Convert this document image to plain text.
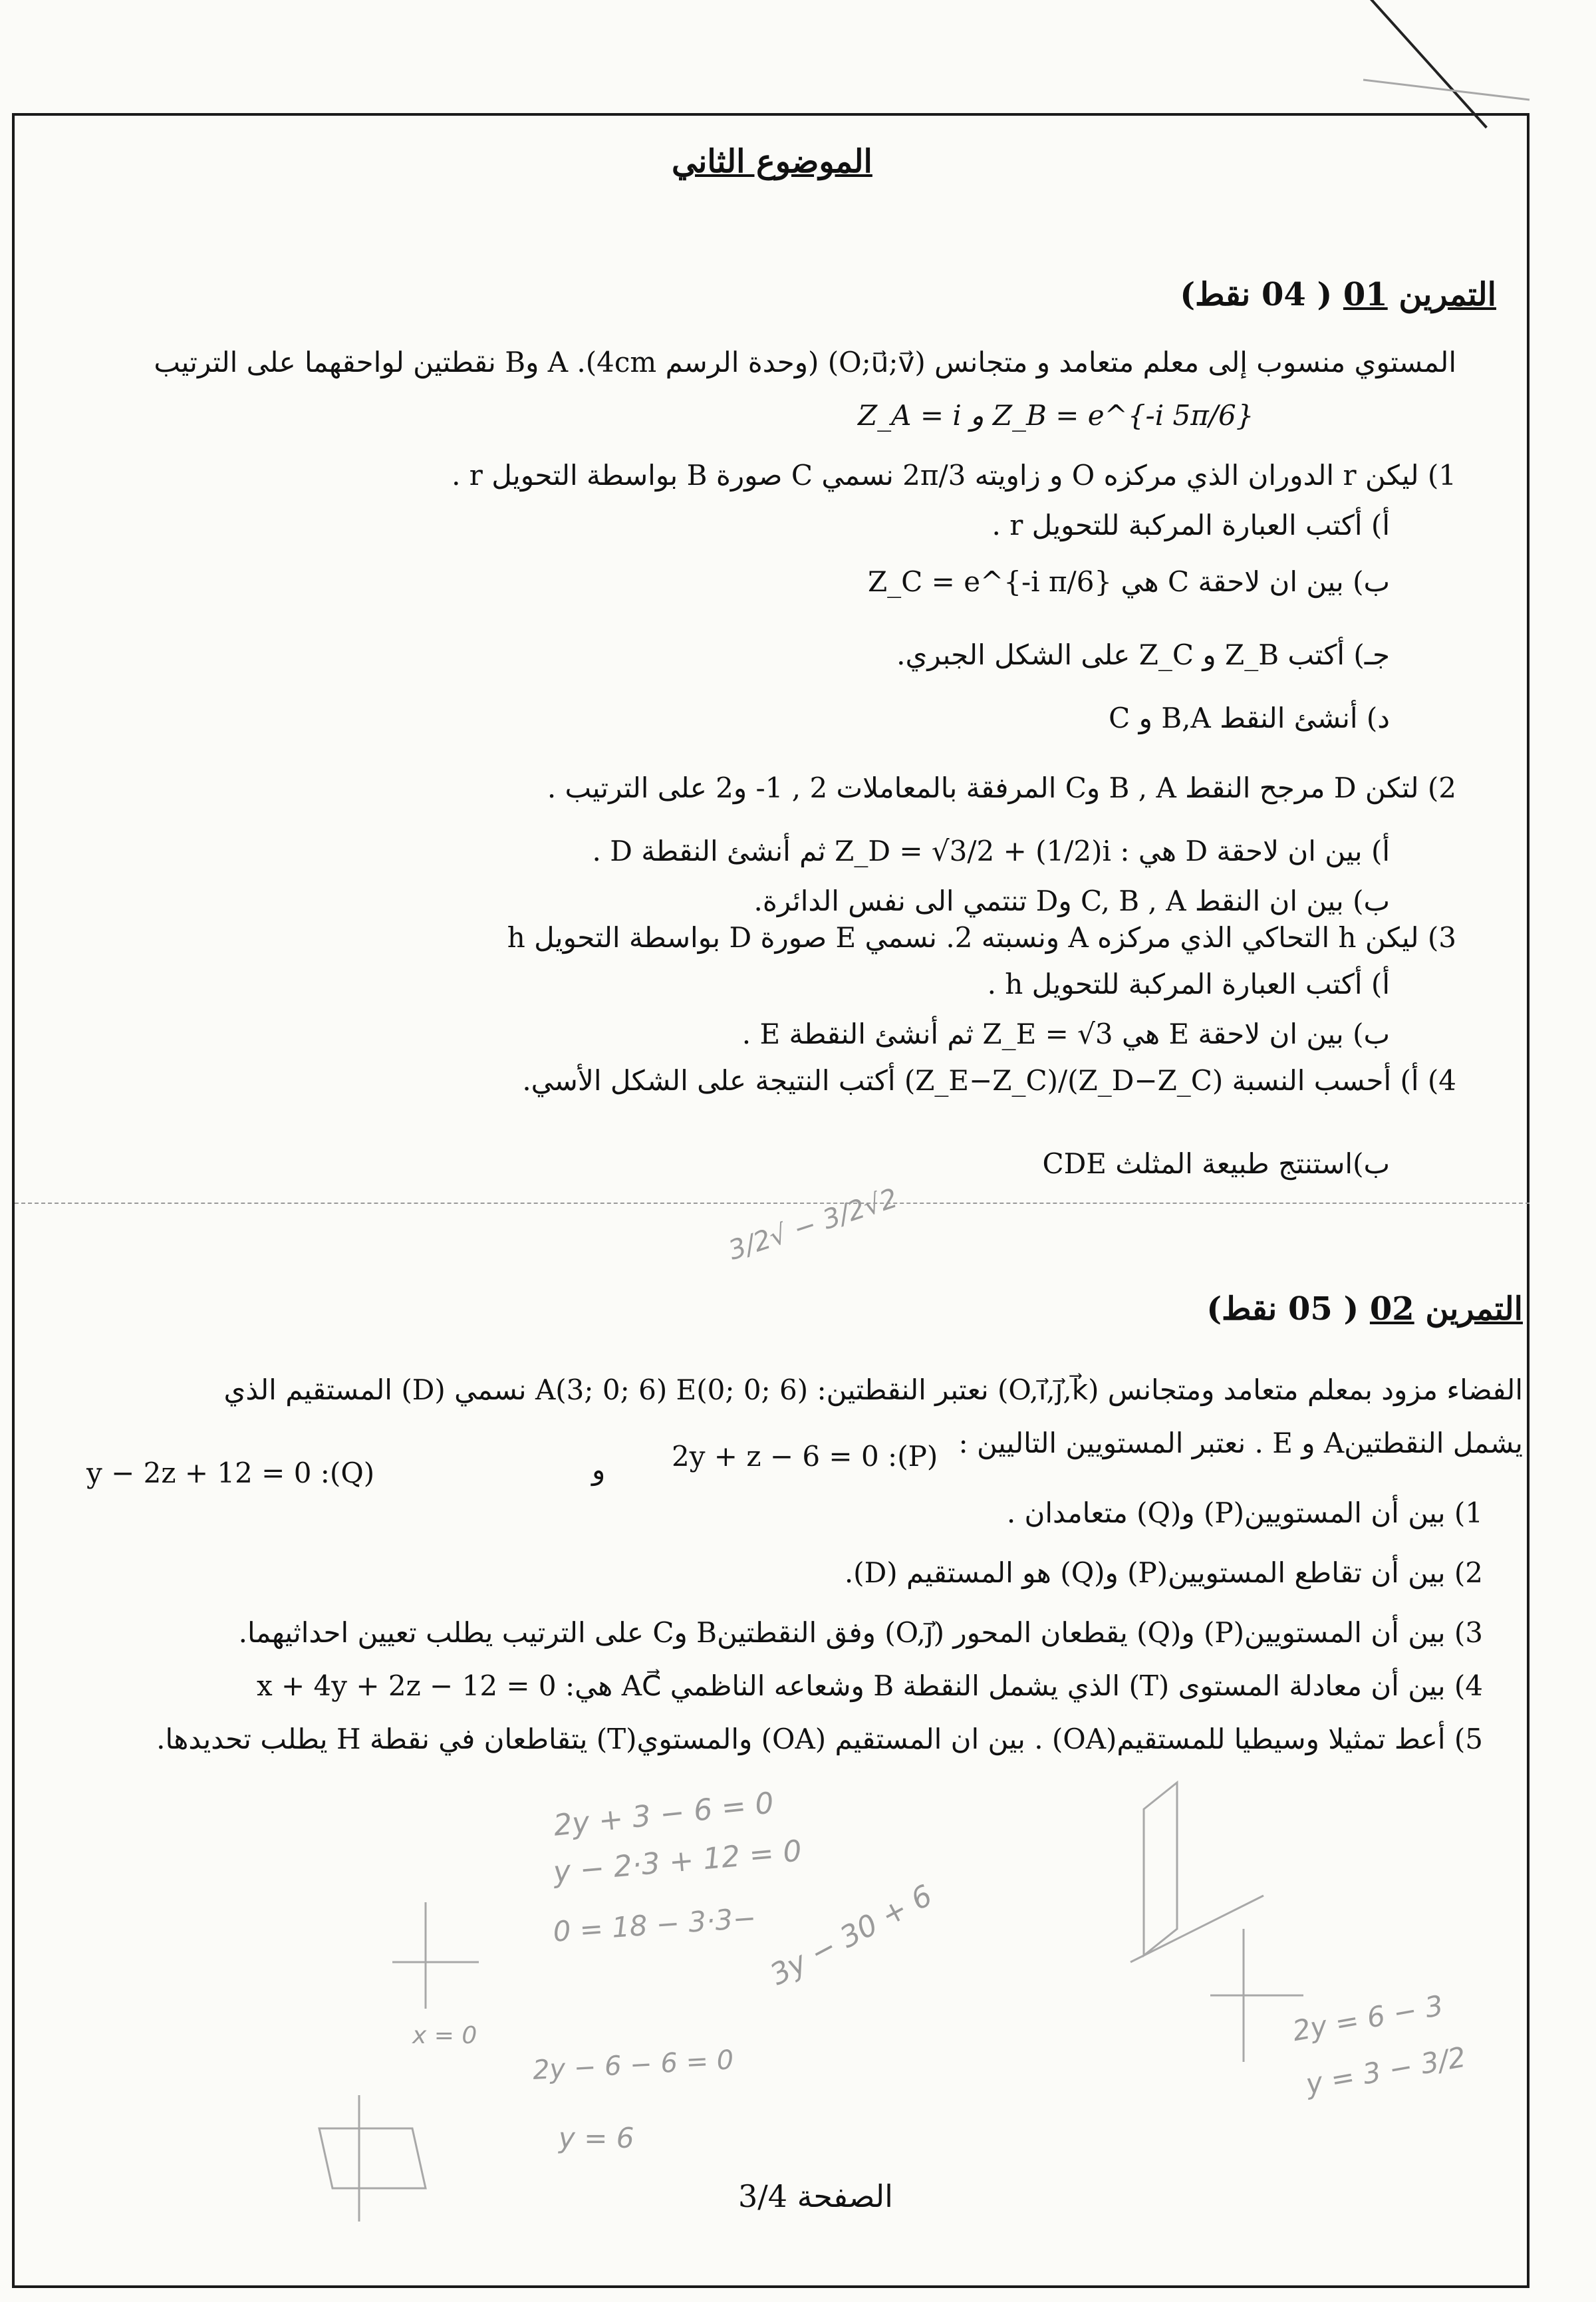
الموضوع الثاني
التمرين 01 ( 04 نقط)
المستوي منسوب إلى معلم متعامد و متجانس (O;u⃗;v⃗) (وحدة الرسم 4cm). A وB نقطتين لواحقهما على الترتيب
Z_B = e^{-i 5π/6} و Z_A = i
1) ليكن r الدوران الذي مركزه O و زاويته 2π/3 نسمي C صورة B بواسطة التحويل r .
أ) أكتب العبارة المركبة للتحويل r .
ب) بين ان لاحقة C هي Z_C = e^{-i π/6}
جـ) أكتب Z_B و Z_C على الشكل الجبري.
د) أنشئ النقط B,A و C
2) لتكن D مرجح النقط B , A وC المرفقة بالمعاملات 2 , 1- و2 على الترتيب .
أ) بين ان لاحقة D هي : Z_D = √3/2 + (1/2)i ثم أنشئ النقطة D .
ب) بين ان النقط C, B , A وD تنتمي الى نفس الدائرة.
3) ليكن h التحاكي الذي مركزه A ونسبته 2. نسمي E صورة D بواسطة التحويل h
أ) أكتب العبارة المركبة للتحويل h .
ب) بين ان لاحقة E هي Z_E = √3 ثم أنشئ النقطة E .
4) أ) أحسب النسبة (Z_D−Z_C)/(Z_E−Z_C) أكتب النتيجة على الشكل الأسي.
ب)استنتج طبيعة المثلث CDE
التمرين 02 ( 05 نقط)
الفضاء مزود بمعلم متعامد ومتجانس (O,i⃗,j⃗,k⃗) نعتبر النقطتين: A(3; 0; 6) E(0; 0; 6) نسمي (D) المستقيم الذي
يشمل النقطتينA و E . نعتبر المستويين التاليين :
(P): 2y + z − 6 = 0
و
(Q): y − 2z + 12 = 0
1) بين أن المستويين(P) و(Q) متعامدان .
2) بين أن تقاطع المستويين(P) و(Q) هو المستقيم (D).
3) بين أن المستويين(P) و(Q) يقطعان المحور (O,j⃗) وفق النقطتينB وC على الترتيب يطلب تعيين احداثيهما.
4) بين أن معادلة المستوى (T) الذي يشمل النقطة B وشعاعه الناظمي AC⃗ هي: x + 4y + 2z − 12 = 0
5) أعط تمثيلا وسيطيا للمستقيم(OA) . بين ان المستقيم (OA) والمستوي(T) يتقاطعان في نقطة H يطلب تحديدها.
2√3/2 − √3/2
2y + 3 − 6 = 0
y − 2·3 + 12 = 0
−3·3 − 18 = 0 3y − 30 + 6
2y − 6 − 6 = 0
y = 6
x = 0	2y = 6 − 3
y = 3 − 3/2
الصفحة 3/4
